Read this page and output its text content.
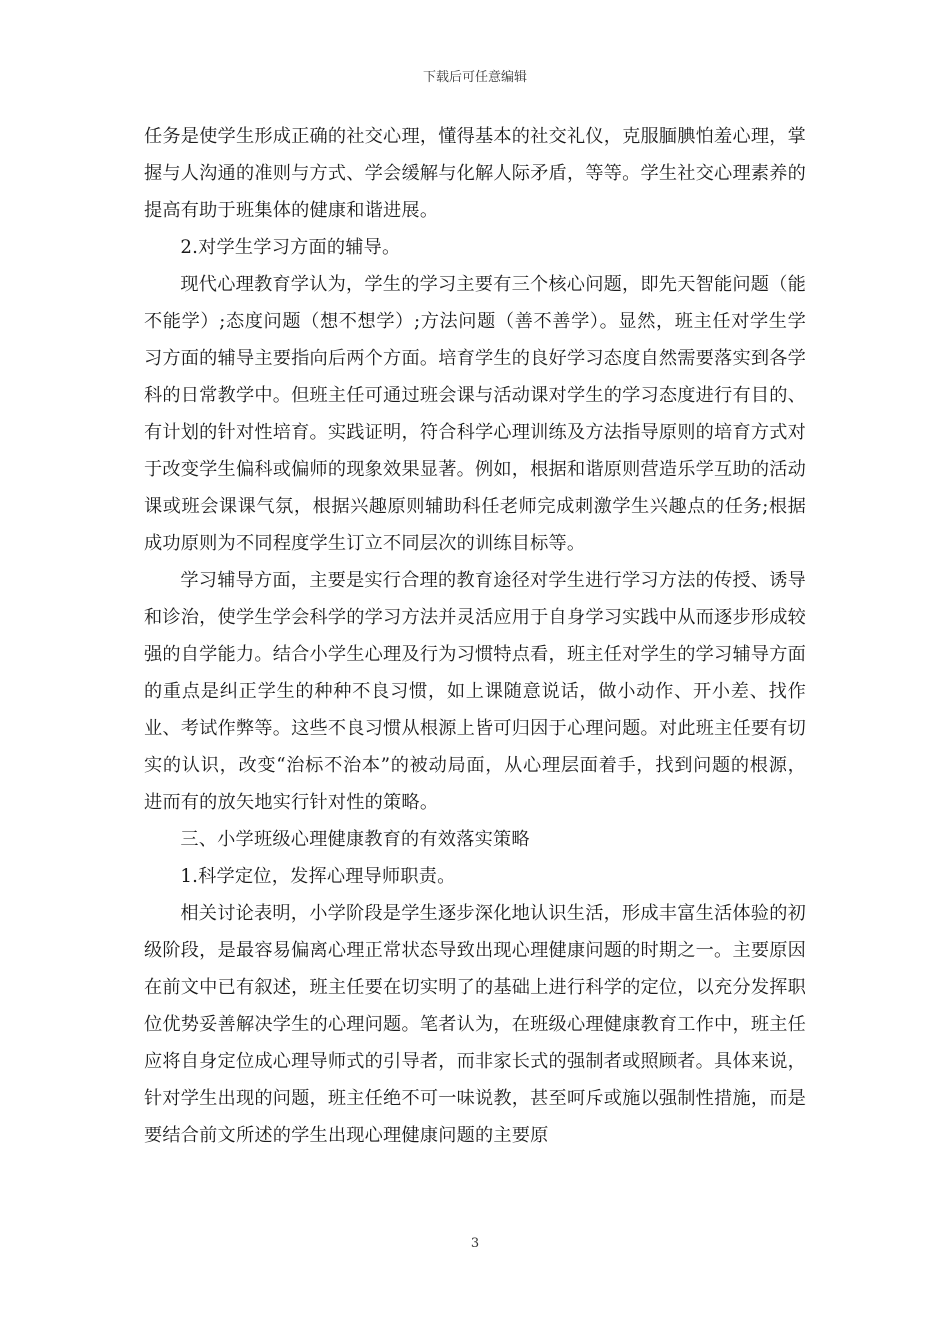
下载后可任意编辑

任务是使学生形成正确的社交心理，懂得基本的社交礼仪，克服腼腆怕羞心理，掌握与人沟通的准则与方式、学会缓解与化解人际矛盾，等等。学生社交心理素养的提高有助于班集体的健康和谐进展。

2.对学生学习方面的辅导。

现代心理教育学认为，学生的学习主要有三个核心问题，即先天智能问题（能不能学）;态度问题（想不想学）;方法问题（善不善学）。显然，班主任对学生学习方面的辅导主要指向后两个方面。培育学生的良好学习态度自然需要落实到各学科的日常教学中。但班主任可通过班会课与活动课对学生的学习态度进行有目的、有计划的针对性培育。实践证明，符合科学心理训练及方法指导原则的培育方式对于改变学生偏科或偏师的现象效果显著。例如，根据和谐原则营造乐学互助的活动课或班会课课气氛，根据兴趣原则辅助科任老师完成刺激学生兴趣点的任务;根据成功原则为不同程度学生订立不同层次的训练目标等。

学习辅导方面，主要是实行合理的教育途径对学生进行学习方法的传授、诱导和诊治，使学生学会科学的学习方法并灵活应用于自身学习实践中从而逐步形成较强的自学能力。结合小学生心理及行为习惯特点看，班主任对学生的学习辅导方面的重点是纠正学生的种种不良习惯，如上课随意说话，做小动作、开小差、找作业、考试作弊等。这些不良习惯从根源上皆可归因于心理问题。对此班主任要有切实的认识，改变“治标不治本”的被动局面，从心理层面着手，找到问题的根源，进而有的放矢地实行针对性的策略。

三、小学班级心理健康教育的有效落实策略

1.科学定位，发挥心理导师职责。

相关讨论表明，小学阶段是学生逐步深化地认识生活，形成丰富生活体验的初级阶段，是最容易偏离心理正常状态导致出现心理健康问题的时期之一。主要原因在前文中已有叙述，班主任要在切实明了的基础上进行科学的定位，以充分发挥职位优势妥善解决学生的心理问题。笔者认为，在班级心理健康教育工作中，班主任应将自身定位成心理导师式的引导者，而非家长式的强制者或照顾者。具体来说，针对学生出现的问题，班主任绝不可一味说教，甚至呵斥或施以强制性措施，而是要结合前文所述的学生出现心理健康问题的主要原

3
